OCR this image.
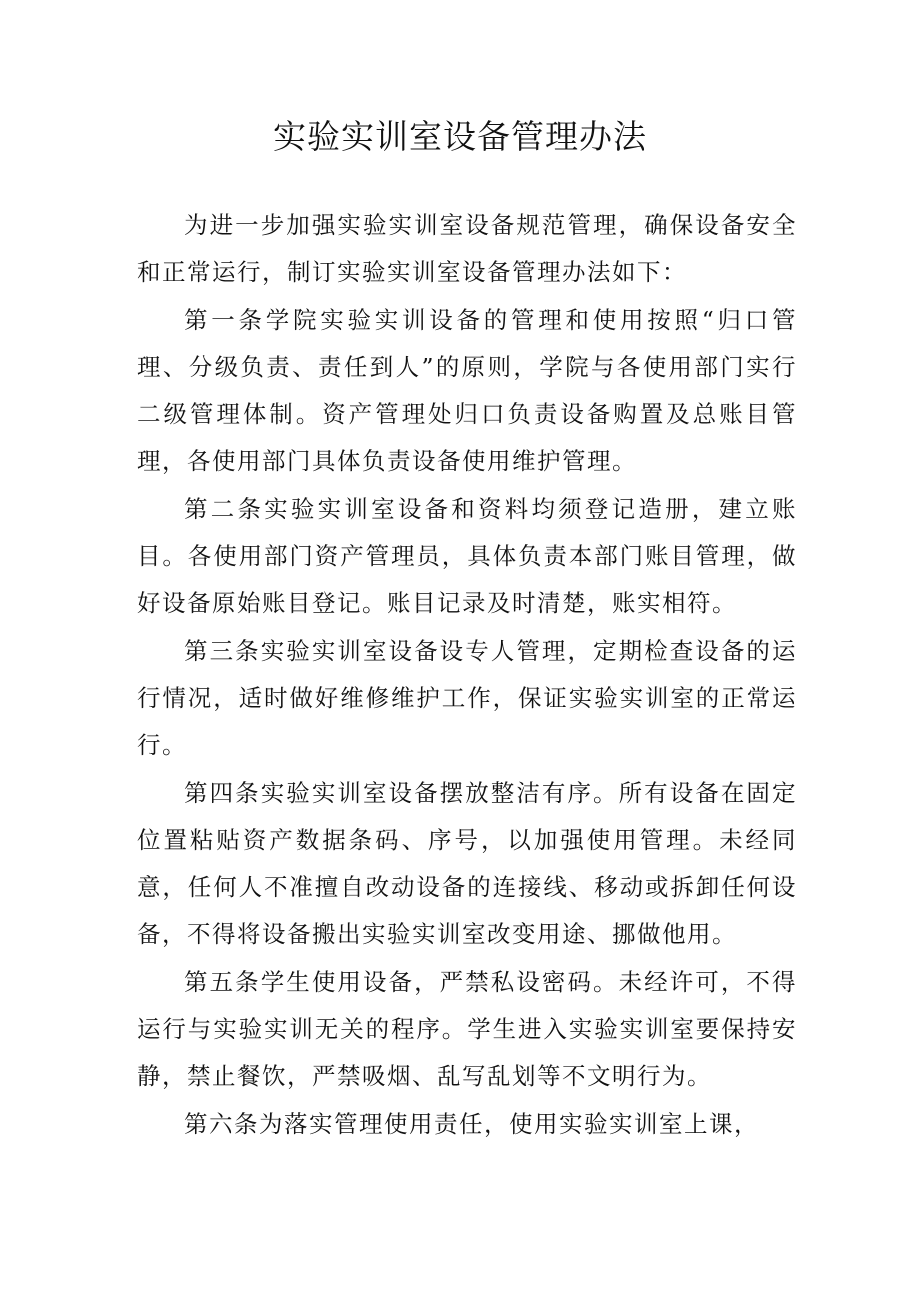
实验实训室设备管理办法

为进一步加强实验实训室设备规范管理，确保设备安全和正常运行，制订实验实训室设备管理办法如下：

第一条学院实验实训设备的管理和使用按照“归口管理、分级负责、责任到人”的原则，学院与各使用部门实行二级管理体制。资产管理处归口负责设备购置及总账目管理，各使用部门具体负责设备使用维护管理。

第二条实验实训室设备和资料均须登记造册，建立账目。各使用部门资产管理员，具体负责本部门账目管理，做好设备原始账目登记。账目记录及时清楚，账实相符。

第三条实验实训室设备设专人管理，定期检查设备的运行情况，适时做好维修维护工作，保证实验实训室的正常运行。

第四条实验实训室设备摆放整洁有序。所有设备在固定位置粘贴资产数据条码、序号，以加强使用管理。未经同意，任何人不准擅自改动设备的连接线、移动或拆卸任何设备，不得将设备搬出实验实训室改变用途、挪做他用。

第五条学生使用设备，严禁私设密码。未经许可，不得运行与实验实训无关的程序。学生进入实验实训室要保持安静，禁止餐饮，严禁吸烟、乱写乱划等不文明行为。

第六条为落实管理使用责任，使用实验实训室上课，
